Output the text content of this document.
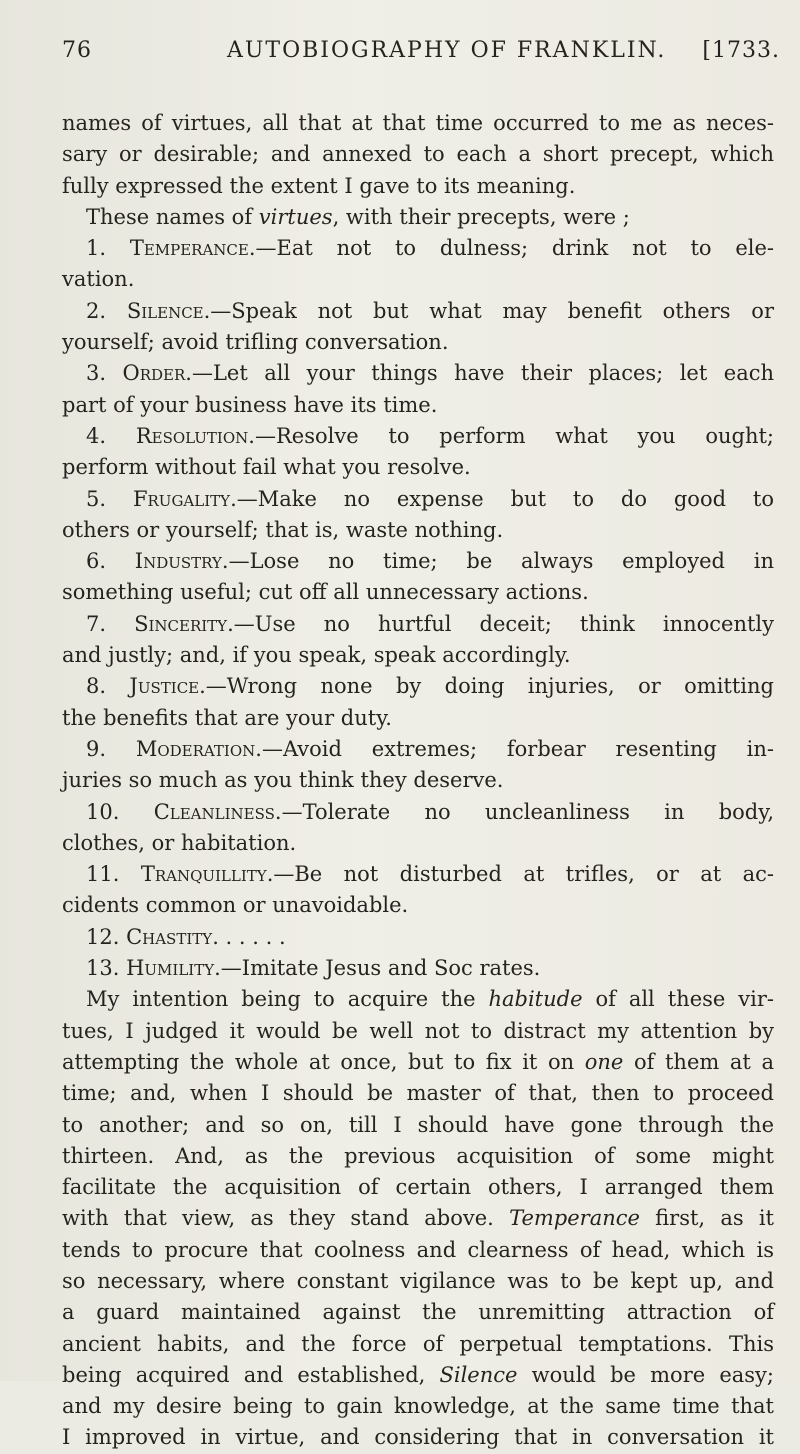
76	AUTOBIOGRAPHY OF FRANKLIN. [1733.
names of virtues, all that at that time occurred to me as neces-
sary or desirable; and annexed to each a short precept, which
fully expressed the extent I gave to its meaning.
These names of virtues, with their precepts, were ;
1. Temperance.—Eat not to dulness; drink not to ele-
vation.
2. Silence.—Speak not but what may benefit others or
yourself; avoid trifling conversation.
3. Order.—Let all your things have their places; let each
part of your business have its time.
4. Resolution.—Resolve to perform what you ought;
perform without fail what you resolve.
5. Frugality.—Make no expense but to do good to
others or yourself; that is, waste nothing.
6. Industry.—Lose no time; be always employed in
something useful; cut off all unnecessary actions.
7. Sincerity.—Use no hurtful deceit; think innocently
and justly; and, if you speak, speak accordingly.
8. Justice.—Wrong none by doing injuries, or omitting
the benefits that are your duty.
9. Moderation.—Avoid extremes; forbear resenting in-
juries so much as you think they deserve.
10. Cleanliness.—Tolerate no uncleanliness in body,
clothes, or habitation.
11. Tranquillity.—Be not disturbed at trifles, or at ac-
cidents common or unavoidable.
12. Chastity. . . . . .
13. Humility.—Imitate Jesus and Soc rates.
My intention being to acquire the habitude of all these vir-
tues, I judged it would be well not to distract my attention by
attempting the whole at once, but to fix it on one of them at a
time; and, when I should be master of that, then to proceed
to another; and so on, till I should have gone through the
thirteen. And, as the previous acquisition of some might
facilitate the acquisition of certain others, I arranged them
with that view, as they stand above. Temperance first, as it
tends to procure that coolness and clearness of head, which is
so necessary, where constant vigilance was to be kept up, and
a guard maintained against the unremitting attraction of
ancient habits, and the force of perpetual temptations. This
being acquired and established, Silence would be more easy;
and my desire being to gain knowledge, at the same time that
I improved in virtue, and considering that in conversation it
